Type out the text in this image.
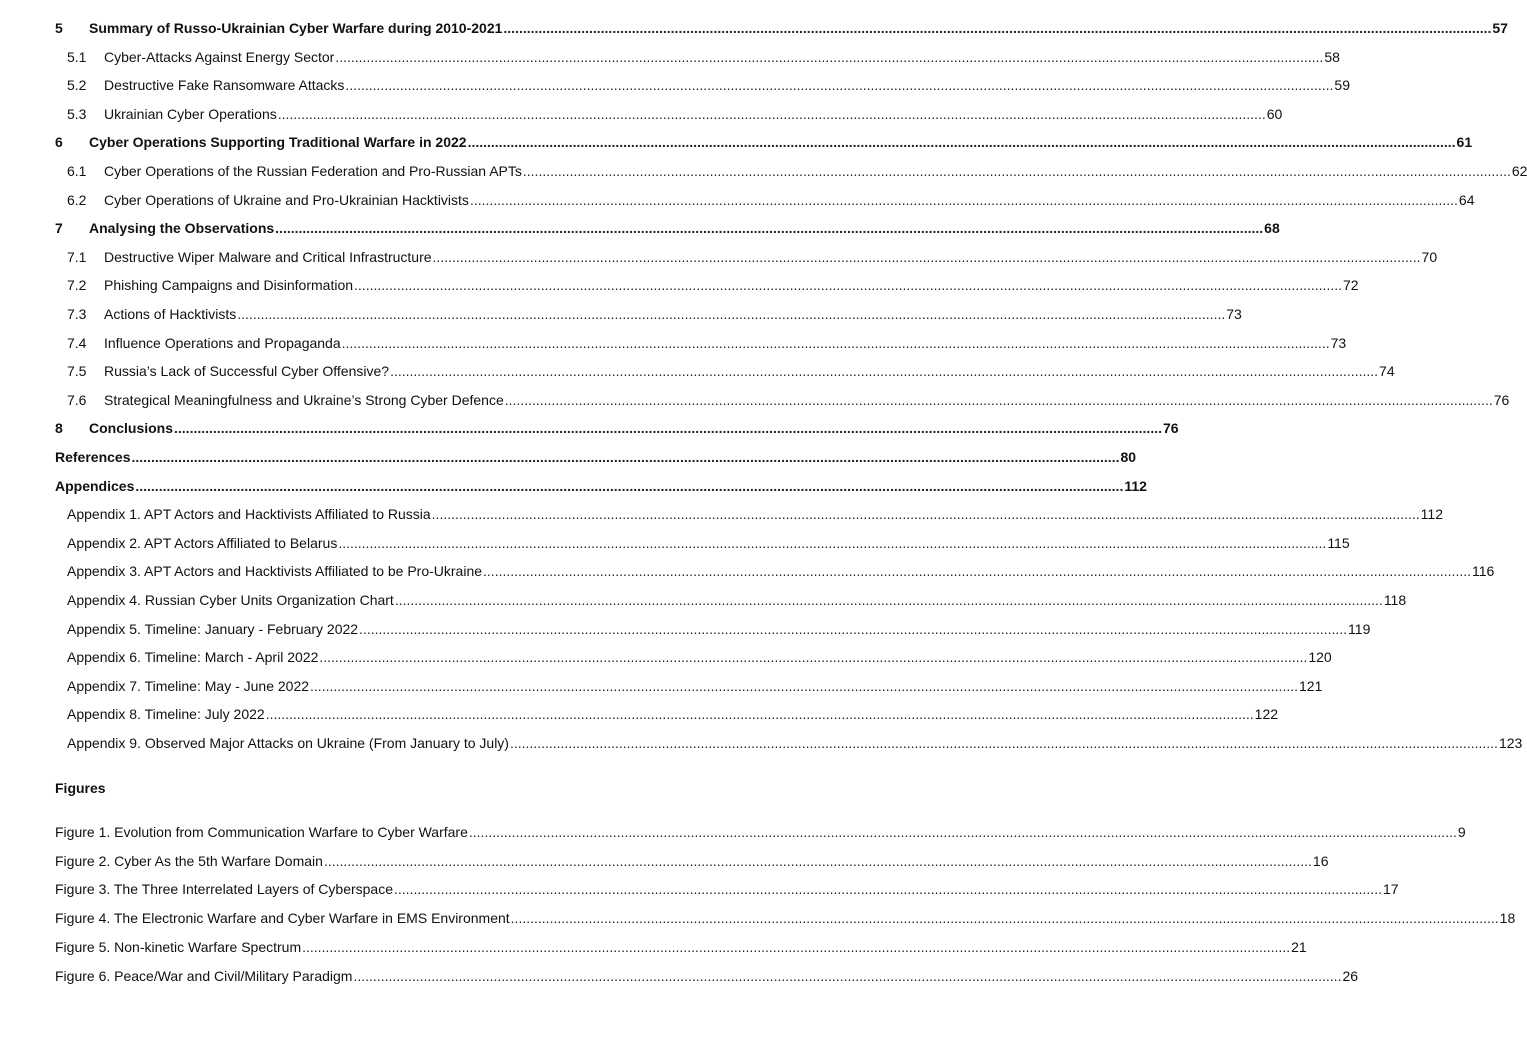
5	Summary of Russo-Ukrainian Cyber Warfare during 2010-2021 .....	57
5.1	Cyber-Attacks Against Energy Sector .....	58
5.2	Destructive Fake Ransomware Attacks .....	59
5.3	Ukrainian Cyber Operations .....	60
6	Cyber Operations Supporting Traditional Warfare in 2022 .....	61
6.1	Cyber Operations of the Russian Federation and Pro-Russian APTs .....	62
6.2	Cyber Operations of Ukraine and Pro-Ukrainian Hacktivists .....	64
7	Analysing the Observations .....	68
7.1	Destructive Wiper Malware and Critical Infrastructure .....	70
7.2	Phishing Campaigns and Disinformation .....	72
7.3	Actions of Hacktivists .....	73
7.4	Influence Operations and Propaganda .....	73
7.5	Russia’s Lack of Successful Cyber Offensive? .....	74
7.6	Strategical Meaningfulness and Ukraine’s Strong Cyber Defence .....	76
8	Conclusions .....	76
References .....	80
Appendices .....	112
Appendix 1. APT Actors and Hacktivists Affiliated to Russia .....	112
Appendix 2. APT Actors Affiliated to Belarus .....	115
Appendix 3. APT Actors and Hacktivists Affiliated to be Pro-Ukraine .....	116
Appendix 4. Russian Cyber Units Organization Chart .....	118
Appendix 5. Timeline: January - February 2022 .....	119
Appendix 6. Timeline: March - April 2022 .....	120
Appendix 7. Timeline: May - June 2022 .....	121
Appendix 8. Timeline: July 2022 .....	122
Appendix 9. Observed Major Attacks on Ukraine (From January to July) .....	123
Figures
Figure 1. Evolution from Communication Warfare to Cyber Warfare .....	9
Figure 2. Cyber As the 5th Warfare Domain .....	16
Figure 3. The Three Interrelated Layers of Cyberspace .....	17
Figure 4. The Electronic Warfare and Cyber Warfare in EMS Environment .....	18
Figure 5. Non-kinetic Warfare Spectrum .....	21
Figure 6. Peace/War and Civil/Military Paradigm .....	26
